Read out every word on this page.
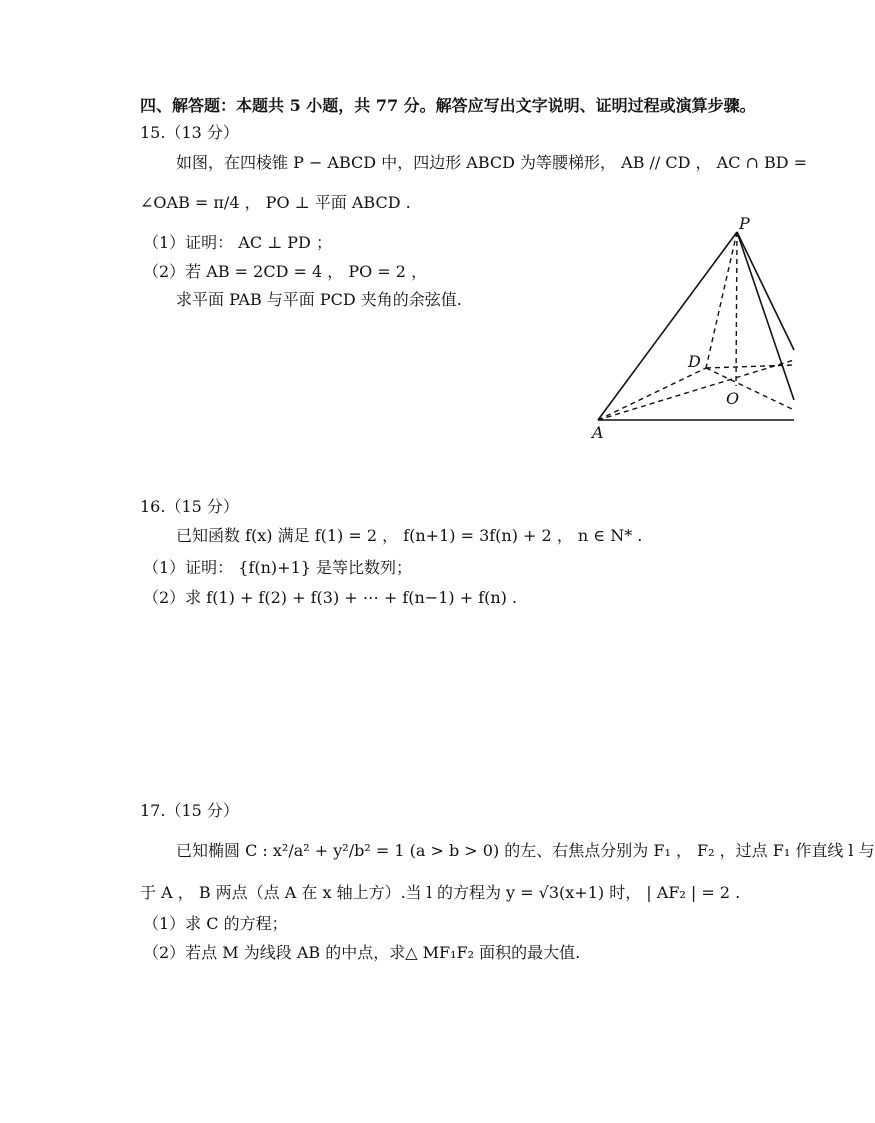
四、解答题：本题共 5 小题，共 77 分。解答应写出文字说明、证明过程或演算步骤。
15.（13 分）
如图，在四棱锥 P − ABCD 中，四边形 ABCD 为等腰梯形， AB // CD ， AC ∩ BD =
∠OAB = π/4 ， PO ⊥ 平面 ABCD .
（1）证明： AC ⊥ PD ；
（2）若 AB = 2CD = 4 ， PO = 2 ，
求平面 PAB 与平面 PCD 夹角的余弦值.
P
D
O
A
16.（15 分）
已知函数 f(x) 满足 f(1) = 2 ， f(n+1) = 3f(n) + 2 ， n ∈ N* .
（1）证明： {f(n)+1} 是等比数列；
（2）求 f(1) + f(2) + f(3) + ⋯ + f(n−1) + f(n) .
17.（15 分）
已知椭圆 C : x²/a² + y²/b² = 1 (a > b > 0) 的左、右焦点分别为 F₁ ， F₂ ，过点 F₁ 作直线 l 与
于 A ， B 两点（点 A 在 x 轴上方）.当 l 的方程为 y = √3(x+1) 时， | AF₂ | = 2 .
（1）求 C 的方程；
（2）若点 M 为线段 AB 的中点，求△ MF₁F₂ 面积的最大值.
